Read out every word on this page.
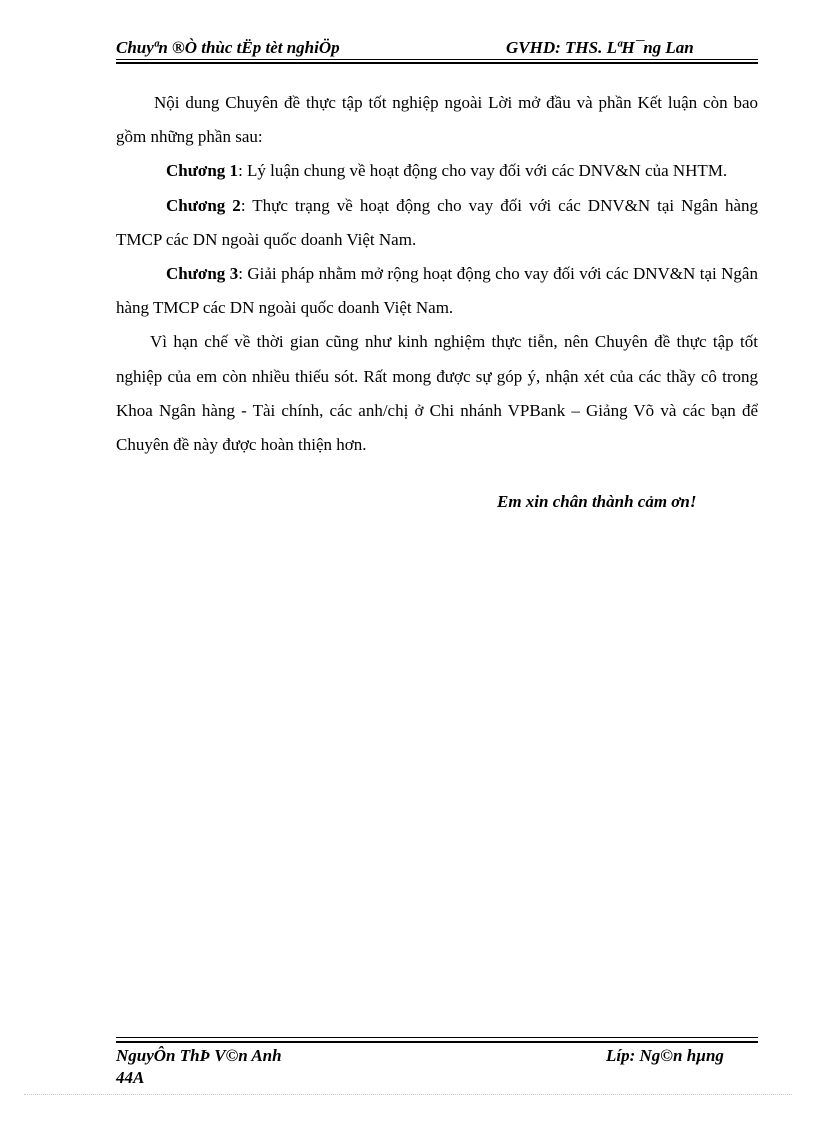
Chuyªn ®Ò thùc tËp tèt nghiÖp	GVHD: THS. LªH¯ng Lan

Nội dung Chuyên đề thực tập tốt nghiệp ngoài Lời mở đầu và phần Kết luận còn bao gồm những phần sau:

Chương 1: Lý luận chung về hoạt động cho vay đối với các DNV&N của NHTM.

Chương 2: Thực trạng về hoạt động cho vay đối với các DNV&N tại Ngân hàng TMCP các DN ngoài quốc doanh Việt Nam.

Chương 3: Giải pháp nhằm mở rộng hoạt động cho vay đối với các DNV&N tại Ngân hàng TMCP các DN ngoài quốc doanh Việt Nam.

Vì hạn chế về thời gian cũng như kinh nghiệm thực tiễn, nên Chuyên đề thực tập tốt nghiệp của em còn nhiều thiếu sót. Rất mong được sự góp ý, nhận xét của các thầy cô trong Khoa Ngân hàng - Tài chính, các anh/chị ở Chi nhánh VPBank – Giảng Võ và các bạn để Chuyên đề này được hoàn thiện hơn.

Em xin chân thành cảm ơn!
NguyÔn ThÞ V©n Anh
44A
Líp: Ng©n hµng
